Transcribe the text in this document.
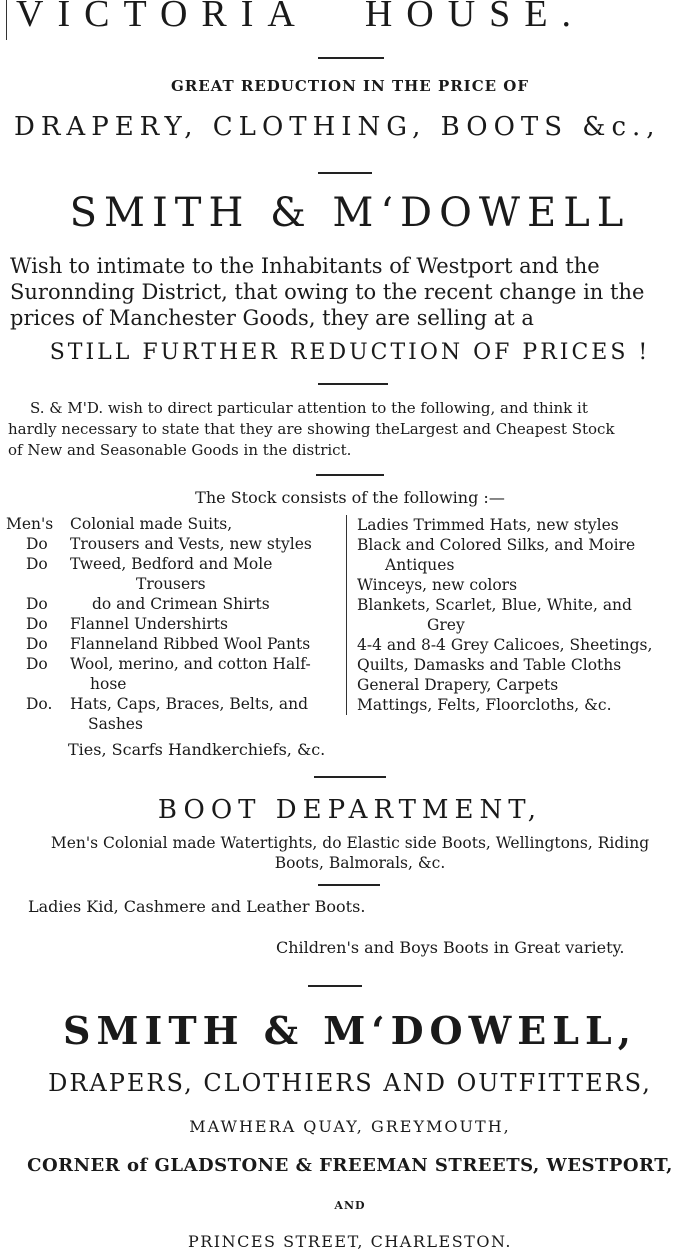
VICTORIA HOUSE.
GREAT REDUCTION IN THE PRICE OF
DRAPERY, CLOTHING, BOOTS &c.,
SMITH & M‘DOWELL
Wish to intimate to the Inhabitants of Westport and the
Suronnding District, that owing to the recent change in the
prices of Manchester Goods, they are selling at a
STILL FURTHER REDUCTION OF PRICES !
S. & M'D. wish to direct particular attention to the following, and think it
hardly necessary to state that they are showing theLargest and Cheapest Stock
of New and Seasonable Goods in the district.
The Stock consists of the following :—
Men's	Colonial made Suits,
Do	Trousers and Vests, new styles
Do	Tweed, Bedford and Mole
Trousers
Do	do and Crimean Shirts
Do	Flannel Undershirts
Do	Flanneland Ribbed Wool Pants
Do	Wool, merino, and cotton Half-
hose
Do.	Hats, Caps, Braces, Belts, and
Sashes
Ladies Trimmed Hats, new styles
Black and Colored Silks, and Moire
Antiques
Winceys, new colors
Blankets, Scarlet, Blue, White, and
Grey
4-4 and 8-4 Grey Calicoes, Sheetings,
Quilts, Damasks and Table Cloths
General Drapery, Carpets
Mattings, Felts, Floorcloths, &c.
Ties, Scarfs Handkerchiefs, &c.
BOOT DEPARTMENT,
Men's Colonial made Watertights, do Elastic side Boots, Wellingtons, Riding
Boots, Balmorals, &c.
Ladies Kid, Cashmere and Leather Boots.
Children's and Boys Boots in Great variety.
SMITH & M‘DOWELL,
DRAPERS, CLOTHIERS AND OUTFITTERS,
MAWHERA QUAY, GREYMOUTH,
CORNER of GLADSTONE & FREEMAN STREETS, WESTPORT,
AND
PRINCES STREET, CHARLESTON.
